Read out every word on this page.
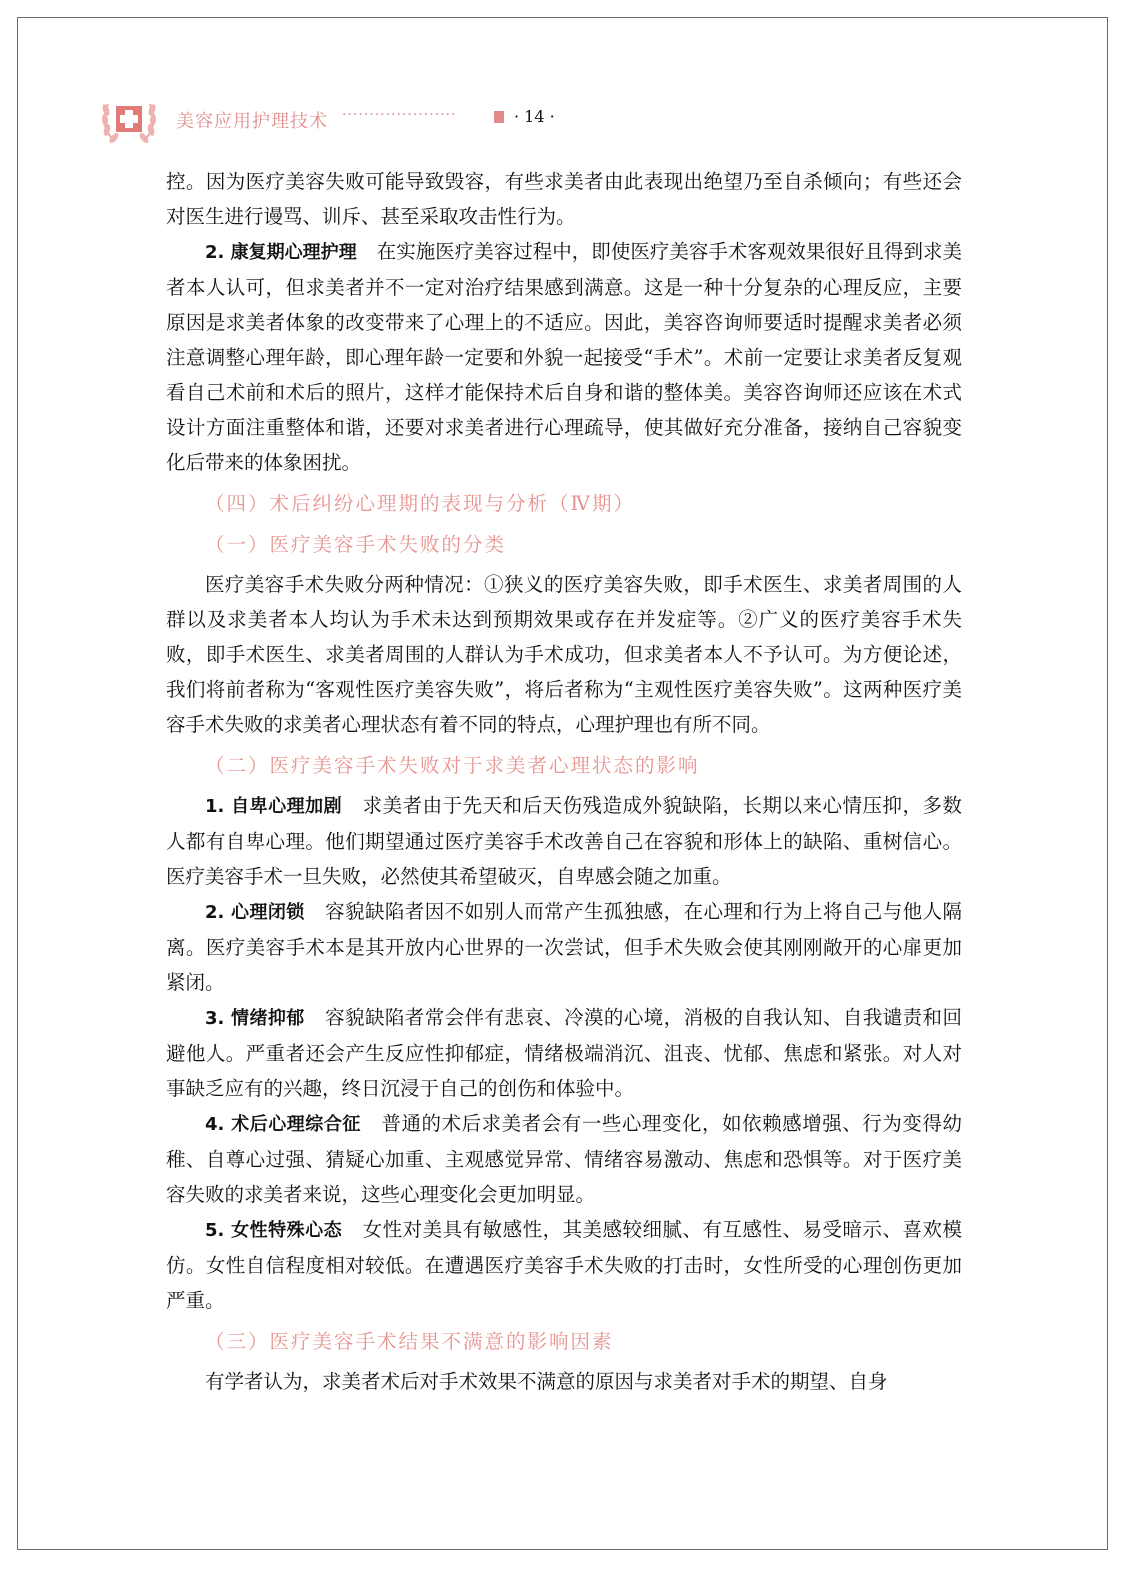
美容应用护理技术 ·····················	· 14 ·

控。因为医疗美容失败可能导致毁容，有些求美者由此表现出绝望乃至自杀倾向；有些还会对医生进行谩骂、训斥、甚至采取攻击性行为。

2. 康复期心理护理 在实施医疗美容过程中，即使医疗美容手术客观效果很好且得到求美者本人认可，但求美者并不一定对治疗结果感到满意。这是一种十分复杂的心理反应，主要原因是求美者体象的改变带来了心理上的不适应。因此，美容咨询师要适时提醒求美者必须注意调整心理年龄，即心理年龄一定要和外貌一起接受“手术”。术前一定要让求美者反复观看自己术前和术后的照片，这样才能保持术后自身和谐的整体美。美容咨询师还应该在术式设计方面注重整体和谐，还要对求美者进行心理疏导，使其做好充分准备，接纳自己容貌变化后带来的体象困扰。

（四）术后纠纷心理期的表现与分析（Ⅳ期）

（一）医疗美容手术失败的分类

医疗美容手术失败分两种情况：①狭义的医疗美容失败，即手术医生、求美者周围的人群以及求美者本人均认为手术未达到预期效果或存在并发症等。②广义的医疗美容手术失败，即手术医生、求美者周围的人群认为手术成功，但求美者本人不予认可。为方便论述，我们将前者称为“客观性医疗美容失败”，将后者称为“主观性医疗美容失败”。这两种医疗美容手术失败的求美者心理状态有着不同的特点，心理护理也有所不同。

（二）医疗美容手术失败对于求美者心理状态的影响

1. 自卑心理加剧 求美者由于先天和后天伤残造成外貌缺陷，长期以来心情压抑，多数人都有自卑心理。他们期望通过医疗美容手术改善自己在容貌和形体上的缺陷、重树信心。医疗美容手术一旦失败，必然使其希望破灭，自卑感会随之加重。

2. 心理闭锁 容貌缺陷者因不如别人而常产生孤独感，在心理和行为上将自己与他人隔离。医疗美容手术本是其开放内心世界的一次尝试，但手术失败会使其刚刚敞开的心扉更加紧闭。

3. 情绪抑郁 容貌缺陷者常会伴有悲哀、冷漠的心境，消极的自我认知、自我谴责和回避他人。严重者还会产生反应性抑郁症，情绪极端消沉、沮丧、忧郁、焦虑和紧张。对人对事缺乏应有的兴趣，终日沉浸于自己的创伤和体验中。

4. 术后心理综合征 普通的术后求美者会有一些心理变化，如依赖感增强、行为变得幼稚、自尊心过强、猜疑心加重、主观感觉异常、情绪容易激动、焦虑和恐惧等。对于医疗美容失败的求美者来说，这些心理变化会更加明显。

5. 女性特殊心态 女性对美具有敏感性，其美感较细腻、有互感性、易受暗示、喜欢模仿。女性自信程度相对较低。在遭遇医疗美容手术失败的打击时，女性所受的心理创伤更加严重。

（三）医疗美容手术结果不满意的影响因素

有学者认为，求美者术后对手术效果不满意的原因与求美者对手术的期望、自身
